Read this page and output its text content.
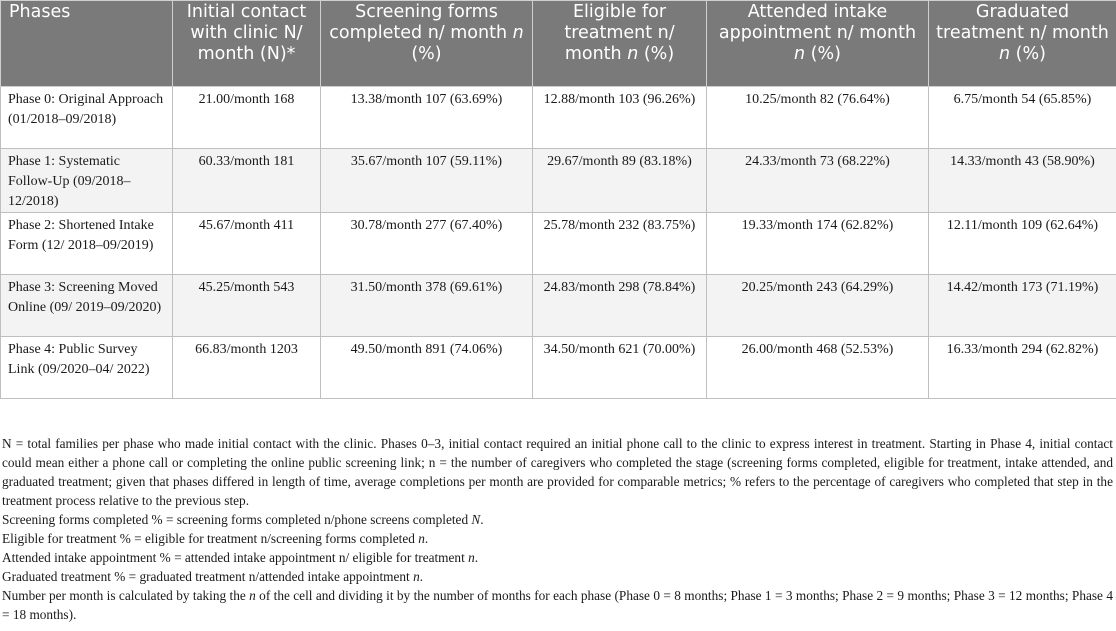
Phases	Initial contact with clinic N/ month (N)*	Screening forms completed n/ month n (%)	Eligible for treatment n/ month n (%)	Attended intake appointment n/ month n (%)	Graduated treatment n/ month n (%)
Phase 0: Original Approach (01/2018–09/2018)	21.00/month 168	13.38/month 107 (63.69%)	12.88/month 103 (96.26%)	10.25/month 82 (76.64%)	6.75/month 54 (65.85%)
Phase 1: Systematic Follow-Up (09/2018–12/2018)	60.33/month 181	35.67/month 107 (59.11%)	29.67/month 89 (83.18%)	24.33/month 73 (68.22%)	14.33/month 43 (58.90%)
Phase 2: Shortened Intake Form (12/ 2018–09/2019)	45.67/month 411	30.78/month 277 (67.40%)	25.78/month 232 (83.75%)	19.33/month 174 (62.82%)	12.11/month 109 (62.64%)
Phase 3: Screening Moved Online (09/ 2019–09/2020)	45.25/month 543	31.50/month 378 (69.61%)	24.83/month 298 (78.84%)	20.25/month 243 (64.29%)	14.42/month 173 (71.19%)
Phase 4: Public Survey Link (09/2020–04/ 2022)	66.83/month 1203	49.50/month 891 (74.06%)	34.50/month 621 (70.00%)	26.00/month 468 (52.53%)	16.33/month 294 (62.82%)

N = total families per phase who made initial contact with the clinic. Phases 0–3, initial contact required an initial phone call to the clinic to express interest in treatment. Starting in Phase 4, initial contact could mean either a phone call or completing the online public screening link; n = the number of caregivers who completed the stage (screening forms completed, eligible for treatment, intake attended, and graduated treatment; given that phases differed in length of time, average completions per month are provided for comparable metrics; % refers to the percentage of caregivers who completed that step in the treatment process relative to the previous step.

Screening forms completed % = screening forms completed n/phone screens completed N.

Eligible for treatment % = eligible for treatment n/screening forms completed n.

Attended intake appointment % = attended intake appointment n/ eligible for treatment n.

Graduated treatment % = graduated treatment n/attended intake appointment n.

Number per month is calculated by taking the n of the cell and dividing it by the number of months for each phase (Phase 0 = 8 months; Phase 1 = 3 months; Phase 2 = 9 months; Phase 3 = 12 months; Phase 4 = 18 months).
